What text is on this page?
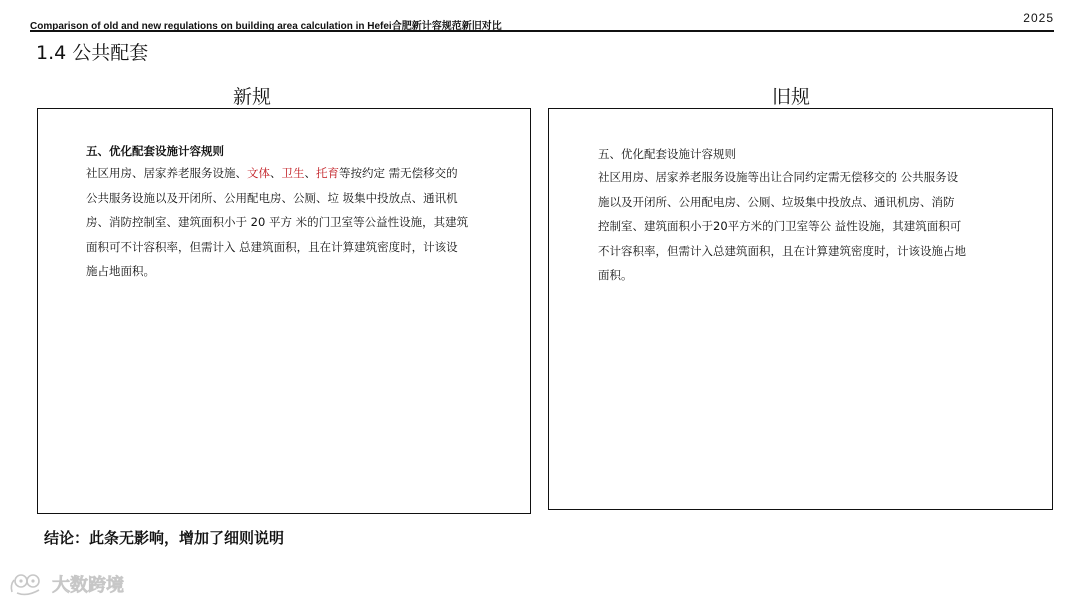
Comparison of old and new regulations on building area calculation in Hefei合肥新计容规范新旧对比
2025
1.4 公共配套
新规	旧规
五、优化配套设施计容规则
社区用房、居家养老服务设施、文体、卫生、托育等按约定 需无偿移交的
公共服务设施以及开闭所、公用配电房、公厕、垃 圾集中投放点、通讯机
房、消防控制室、建筑面积小于 20 平方 米的门卫室等公益性设施，其建筑
面积可不计容积率，但需计入 总建筑面积，且在计算建筑密度时，计该设
施占地面积。
五、优化配套设施计容规则
社区用房、居家养老服务设施等出让合同约定需无偿移交的 公共服务设
施以及开闭所、公用配电房、公厕、垃圾集中投放点、通讯机房、消防
控制室、建筑面积小于20平方米的门卫室等公 益性设施，其建筑面积可
不计容积率，但需计入总建筑面积，且在计算建筑密度时，计该设施占地
面积。
结论：此条无影响，增加了细则说明
大数跨境
